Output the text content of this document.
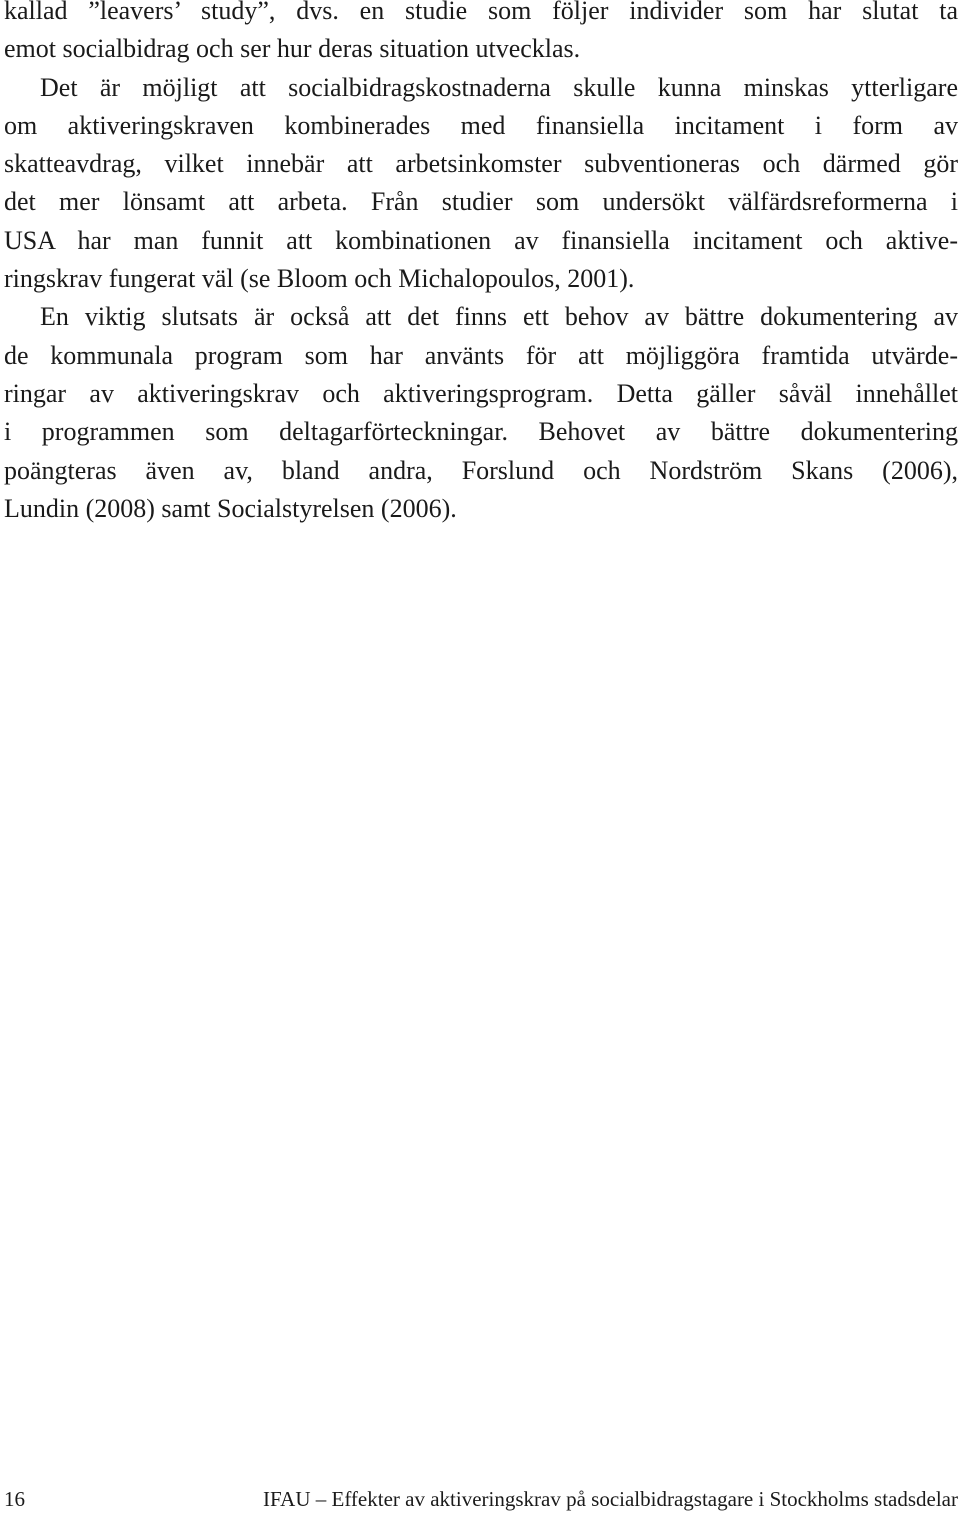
kallad ”leavers’ study”, dvs. en studie som följer individer som har slutat ta
emot socialbidrag och ser hur deras situation utvecklas.
Det är möjligt att socialbidragskostnaderna skulle kunna minskas ytterligare
om aktiveringskraven kombinerades med finansiella incitament i form av
skatteavdrag, vilket innebär att arbetsinkomster subventioneras och därmed gör
det mer lönsamt att arbeta. Från studier som undersökt välfärdsreformerna i
USA har man funnit att kombinationen av finansiella incitament och aktive-
ringskrav fungerat väl (se Bloom och Michalopoulos, 2001).
En viktig slutsats är också att det finns ett behov av bättre dokumentering av
de kommunala program som har använts för att möjliggöra framtida utvärde-
ringar av aktiveringskrav och aktiveringsprogram. Detta gäller såväl innehållet
i programmen som deltagarförteckningar. Behovet av bättre dokumentering
poängteras även av, bland andra, Forslund och Nordström Skans (2006),
Lundin (2008) samt Socialstyrelsen (2006).
16	IFAU – Effekter av aktiveringskrav på socialbidragstagare i Stockholms stadsdelar
